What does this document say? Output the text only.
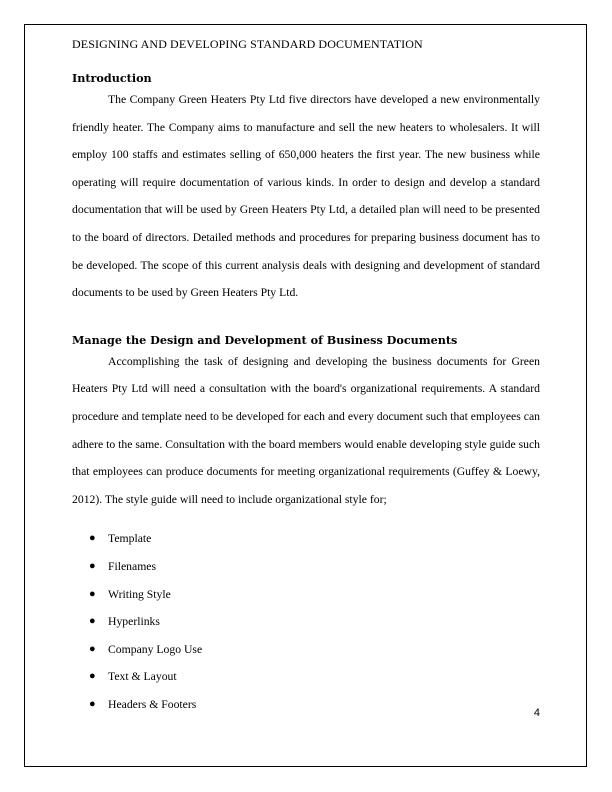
DESIGNING AND DEVELOPING STANDARD DOCUMENTATION

Introduction

The Company Green Heaters Pty Ltd five directors have developed a new environmentally friendly heater. The Company aims to manufacture and sell the new heaters to wholesalers. It will employ 100 staffs and estimates selling of 650,000 heaters the first year. The new business while operating will require documentation of various kinds. In order to design and develop a standard documentation that will be used by Green Heaters Pty Ltd, a detailed plan will need to be presented to the board of directors. Detailed methods and procedures for preparing business document has to be developed. The scope of this current analysis deals with designing and development of standard documents to be used by Green Heaters Pty Ltd.

Manage the Design and Development of Business Documents

Accomplishing the task of designing and developing the business documents for Green Heaters Pty Ltd will need a consultation with the board's organizational requirements. A standard procedure and template need to be developed for each and every document such that employees can adhere to the same. Consultation with the board members would enable developing style guide such that employees can produce documents for meeting organizational requirements (Guffey & Loewy, 2012). The style guide will need to include organizational style for;

● Template
● Filenames
● Writing Style
● Hyperlinks
● Company Logo Use
● Text & Layout
● Headers & Footers
4
